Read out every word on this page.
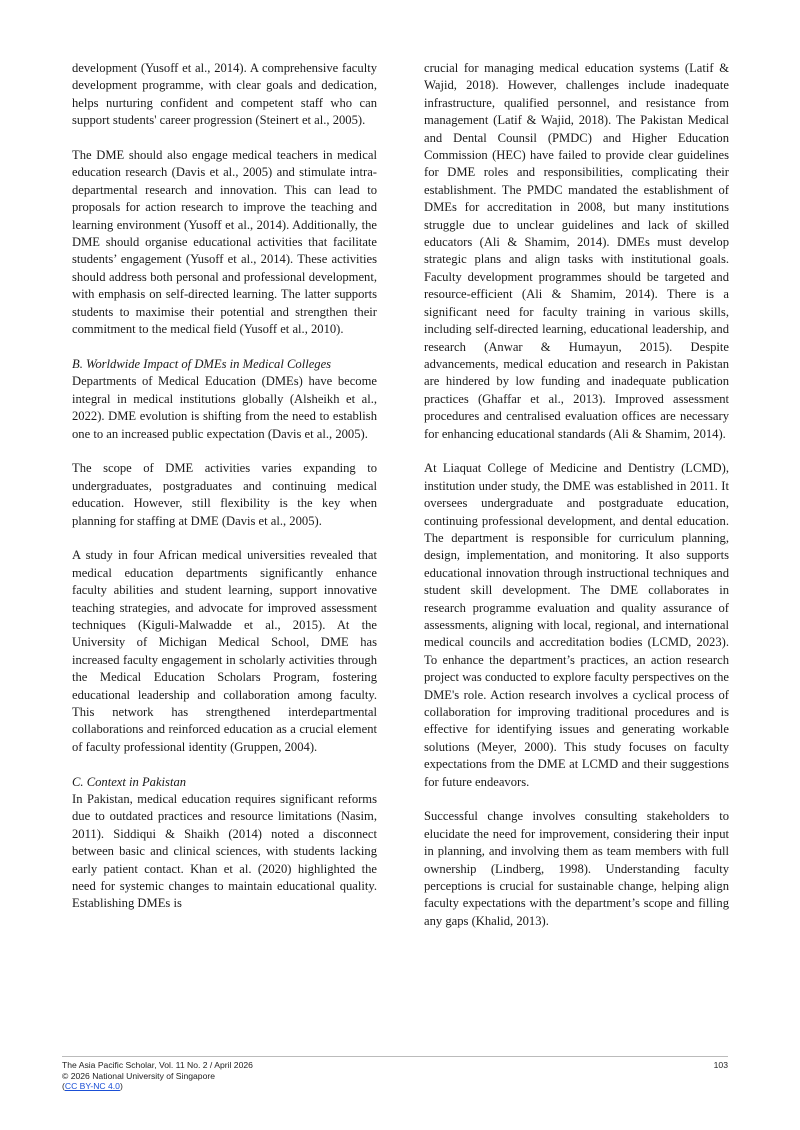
development (Yusoff et al., 2014). A comprehensive faculty development programme, with clear goals and dedication, helps nurturing confident and competent staff who can support students' career progression (Steinert et al., 2005).

The DME should also engage medical teachers in medical education research (Davis et al., 2005) and stimulate intra-departmental research and innovation. This can lead to proposals for action research to improve the teaching and learning environment (Yusoff et al., 2014). Additionally, the DME should organise educational activities that facilitate students’ engagement (Yusoff et al., 2014). These activities should address both personal and professional development, with emphasis on self-directed learning. The latter supports students to maximise their potential and strengthen their commitment to the medical field (Yusoff et al., 2010).

B. Worldwide Impact of DMEs in Medical Colleges

Departments of Medical Education (DMEs) have become integral in medical institutions globally (Alsheikh et al., 2022). DME evolution is shifting from the need to establish one to an increased public expectation (Davis et al., 2005).

The scope of DME activities varies expanding to undergraduates, postgraduates and continuing medical education. However, still flexibility is the key when planning for staffing at DME (Davis et al., 2005).

A study in four African medical universities revealed that medical education departments significantly enhance faculty abilities and student learning, support innovative teaching strategies, and advocate for improved assessment techniques (Kiguli-Malwadde et al., 2015). At the University of Michigan Medical School, DME has increased faculty engagement in scholarly activities through the Medical Education Scholars Program, fostering educational leadership and collaboration among faculty. This network has strengthened interdepartmental collaborations and reinforced education as a crucial element of faculty professional identity (Gruppen, 2004).

C. Context in Pakistan

In Pakistan, medical education requires significant reforms due to outdated practices and resource limitations (Nasim, 2011). Siddiqui & Shaikh (2014) noted a disconnect between basic and clinical sciences, with students lacking early patient contact. Khan et al. (2020) highlighted the need for systemic changes to maintain educational quality. Establishing DMEs is

crucial for managing medical education systems (Latif & Wajid, 2018). However, challenges include inadequate infrastructure, qualified personnel, and resistance from management (Latif & Wajid, 2018). The Pakistan Medical and Dental Counsil (PMDC) and Higher Education Commission (HEC) have failed to provide clear guidelines for DME roles and responsibilities, complicating their establishment. The PMDC mandated the establishment of DMEs for accreditation in 2008, but many institutions struggle due to unclear guidelines and lack of skilled educators (Ali & Shamim, 2014). DMEs must develop strategic plans and align tasks with institutional goals. Faculty development programmes should be targeted and resource-efficient (Ali & Shamim, 2014). There is a significant need for faculty training in various skills, including self-directed learning, educational leadership, and research (Anwar & Humayun, 2015). Despite advancements, medical education and research in Pakistan are hindered by low funding and inadequate publication practices (Ghaffar et al., 2013). Improved assessment procedures and centralised evaluation offices are necessary for enhancing educational standards (Ali & Shamim, 2014).

At Liaquat College of Medicine and Dentistry (LCMD), institution under study, the DME was established in 2011. It oversees undergraduate and postgraduate education, continuing professional development, and dental education. The department is responsible for curriculum planning, design, implementation, and monitoring. It also supports educational innovation through instructional techniques and student skill development. The DME collaborates in research programme evaluation and quality assurance of assessments, aligning with local, regional, and international medical councils and accreditation bodies (LCMD, 2023). To enhance the department’s practices, an action research project was conducted to explore faculty perspectives on the DME's role. Action research involves a cyclical process of collaboration for improving traditional procedures and is effective for identifying issues and generating workable solutions (Meyer, 2000). This study focuses on faculty expectations from the DME at LCMD and their suggestions for future endeavors.

Successful change involves consulting stakeholders to elucidate the need for improvement, considering their input in planning, and involving them as team members with full ownership (Lindberg, 1998). Understanding faculty perceptions is crucial for sustainable change, helping align faculty expectations with the department’s scope and filling any gaps (Khalid, 2013).

The Asia Pacific Scholar, Vol. 11 No. 2 / April 2026
© 2026 National University of Singapore
(CC BY-NC 4.0)
103
